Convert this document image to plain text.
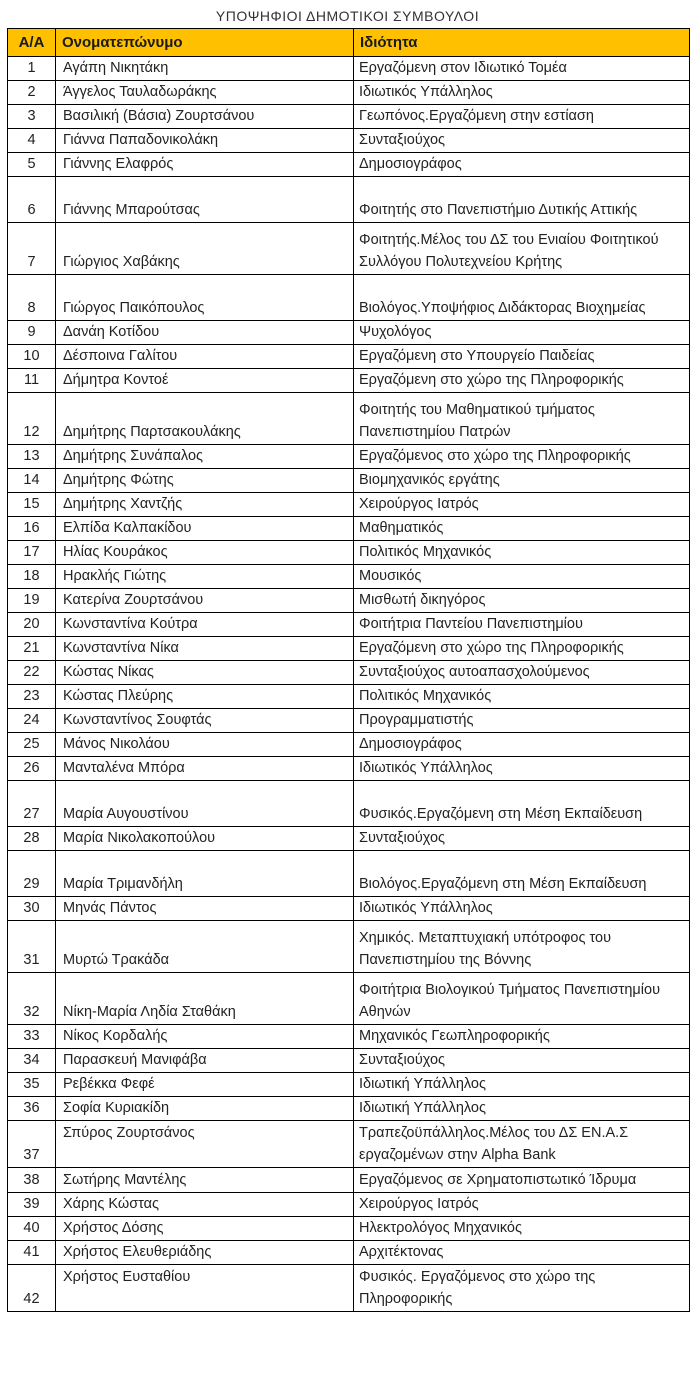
ΥΠΟΨΗΦΙΟΙ ΔΗΜΟΤΙΚΟΙ ΣΥΜΒΟΥΛΟΙ
Α/Α	Ονοματεπώνυμο	Ιδιότητα
1	Αγάπη Νικητάκη	Εργαζόμενη στον Ιδιωτικό Τομέα
2	Άγγελος Ταυλαδωράκης	Ιδιωτικός Υπάλληλος
3	Βασιλική (Βάσια) Ζουρτσάνου	Γεωπόνος.Εργαζόμενη στην εστίαση
4	Γιάννα Παπαδονικολάκη	Συνταξιούχος
5	Γιάννης Ελαφρός	Δημοσιογράφος
6	Γιάννης Μπαρούτσας	Φοιτητής στο Πανεπιστήμιο Δυτικής Αττικής
7	Γιώργιος Χαβάκης	Φοιτητής.Μέλος του ΔΣ του Ενιαίου Φοιτητικού Συλλόγου Πολυτεχνείου Κρήτης
8	Γιώργος Παικόπουλος	Βιολόγος.Υποψήφιος Διδάκτορας Βιοχημείας
9	Δανάη Κοτίδου	Ψυχολόγος
10	Δέσποινα Γαλίτου	Εργαζόμενη στο Υπουργείο Παιδείας
11	Δήμητρα Κοντοέ	Εργαζόμενη στο χώρο της Πληροφορικής
12	Δημήτρης Παρτσακουλάκης	Φοιτητής του Μαθηματικού τμήματος Πανεπιστημίου Πατρών
13	Δημήτρης Συνάπαλος	Εργαζόμενος στο χώρο της Πληροφορικής
14	Δημήτρης Φώτης	Βιομηχανικός εργάτης
15	Δημήτρης Χαντζής	Χειρούργος Ιατρός
16	Ελπίδα Καλπακίδου	Μαθηματικός
17	Ηλίας Κουράκος	Πολιτικός Μηχανικός
18	Ηρακλής Γιώτης	Μουσικός
19	Κατερίνα Ζουρτσάνου	Μισθωτή δικηγόρος
20	Κωνσταντίνα Κούτρα	Φοιτήτρια Παντείου Πανεπιστημίου
21	Κωνσταντίνα Νίκα	Εργαζόμενη στο χώρο της Πληροφορικής
22	Κώστας Νίκας	Συνταξιούχος αυτοαπασχολούμενος
23	Κώστας Πλεύρης	Πολιτικός Μηχανικός
24	Κωνσταντίνος Σουφτάς	Προγραμματιστής
25	Μάνος Νικολάου	Δημοσιογράφος
26	Μανταλένα Μπόρα	Ιδιωτικός Υπάλληλος
27	Μαρία Αυγουστίνου	Φυσικός.Εργαζόμενη στη Μέση Εκπαίδευση
28	Μαρία Νικολακοπούλου	Συνταξιούχος
29	Μαρία Τριμανδήλη	Βιολόγος.Εργαζόμενη στη Μέση Εκπαίδευση
30	Μηνάς Πάντος	Ιδιωτικός Υπάλληλος
31	Μυρτώ Τρακάδα	Χημικός. Μεταπτυχιακή υπότροφος του Πανεπιστημίου της Βόννης
32	Νίκη-Μαρία Ληδία Σταθάκη	Φοιτήτρια Βιολογικού Τμήματος Πανεπιστημίου Αθηνών
33	Νίκος Κορδαλής	Μηχανικός Γεωπληροφορικής
34	Παρασκευή Μανιφάβα	Συνταξιούχος
35	Ρεβέκκα Φεφέ	Ιδιωτική Υπάλληλος
36	Σοφία Κυριακίδη	Ιδιωτική Υπάλληλος
37	Σπύρος Ζουρτσάνος	Τραπεζοϋπάλληλος.Μέλος του ΔΣ ΕΝ.Α.Σ εργαζομένων στην Alpha Bank
38	Σωτήρης Μαντέλης	Εργαζόμενος σε Χρηματοπιστωτικό Ίδρυμα
39	Χάρης Κώστας	Χειρούργος Ιατρός
40	Χρήστος Δόσης	Ηλεκτρολόγος Μηχανικός
41	Χρήστος Ελευθεριάδης	Αρχιτέκτονας
42	Χρήστος Ευσταθίου	Φυσικός. Εργαζόμενος στο χώρο της Πληροφορικής
